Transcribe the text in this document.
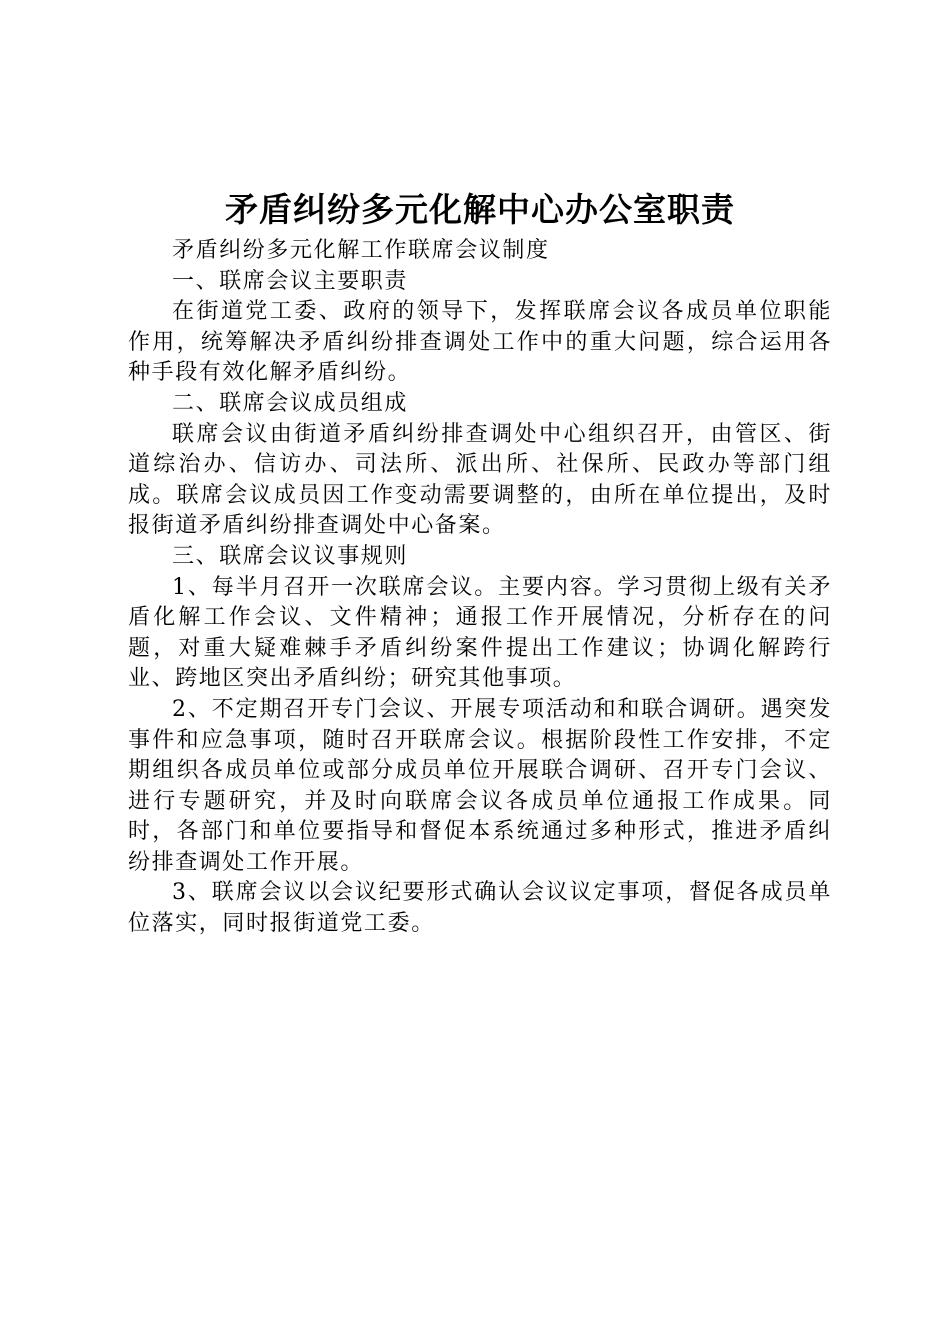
矛盾纠纷多元化解中心办公室职责

矛盾纠纷多元化解工作联席会议制度

一、联席会议主要职责

在街道党工委、政府的领导下，发挥联席会议各成员单位职能作用，统筹解决矛盾纠纷排查调处工作中的重大问题，综合运用各种手段有效化解矛盾纠纷。

二、联席会议成员组成

联席会议由街道矛盾纠纷排查调处中心组织召开，由管区、街道综治办、信访办、司法所、派出所、社保所、民政办等部门组成。联席会议成员因工作变动需要调整的，由所在单位提出，及时报街道矛盾纠纷排查调处中心备案。

三、联席会议议事规则

1、每半月召开一次联席会议。主要内容。学习贯彻上级有关矛盾化解工作会议、文件精神；通报工作开展情况，分析存在的问题，对重大疑难棘手矛盾纠纷案件提出工作建议；协调化解跨行业、跨地区突出矛盾纠纷；研究其他事项。

2、不定期召开专门会议、开展专项活动和和联合调研。遇突发事件和应急事项，随时召开联席会议。根据阶段性工作安排，不定期组织各成员单位或部分成员单位开展联合调研、召开专门会议、进行专题研究，并及时向联席会议各成员单位通报工作成果。同时，各部门和单位要指导和督促本系统通过多种形式，推进矛盾纠纷排查调处工作开展。

3、联席会议以会议纪要形式确认会议议定事项，督促各成员单位落实，同时报街道党工委。
